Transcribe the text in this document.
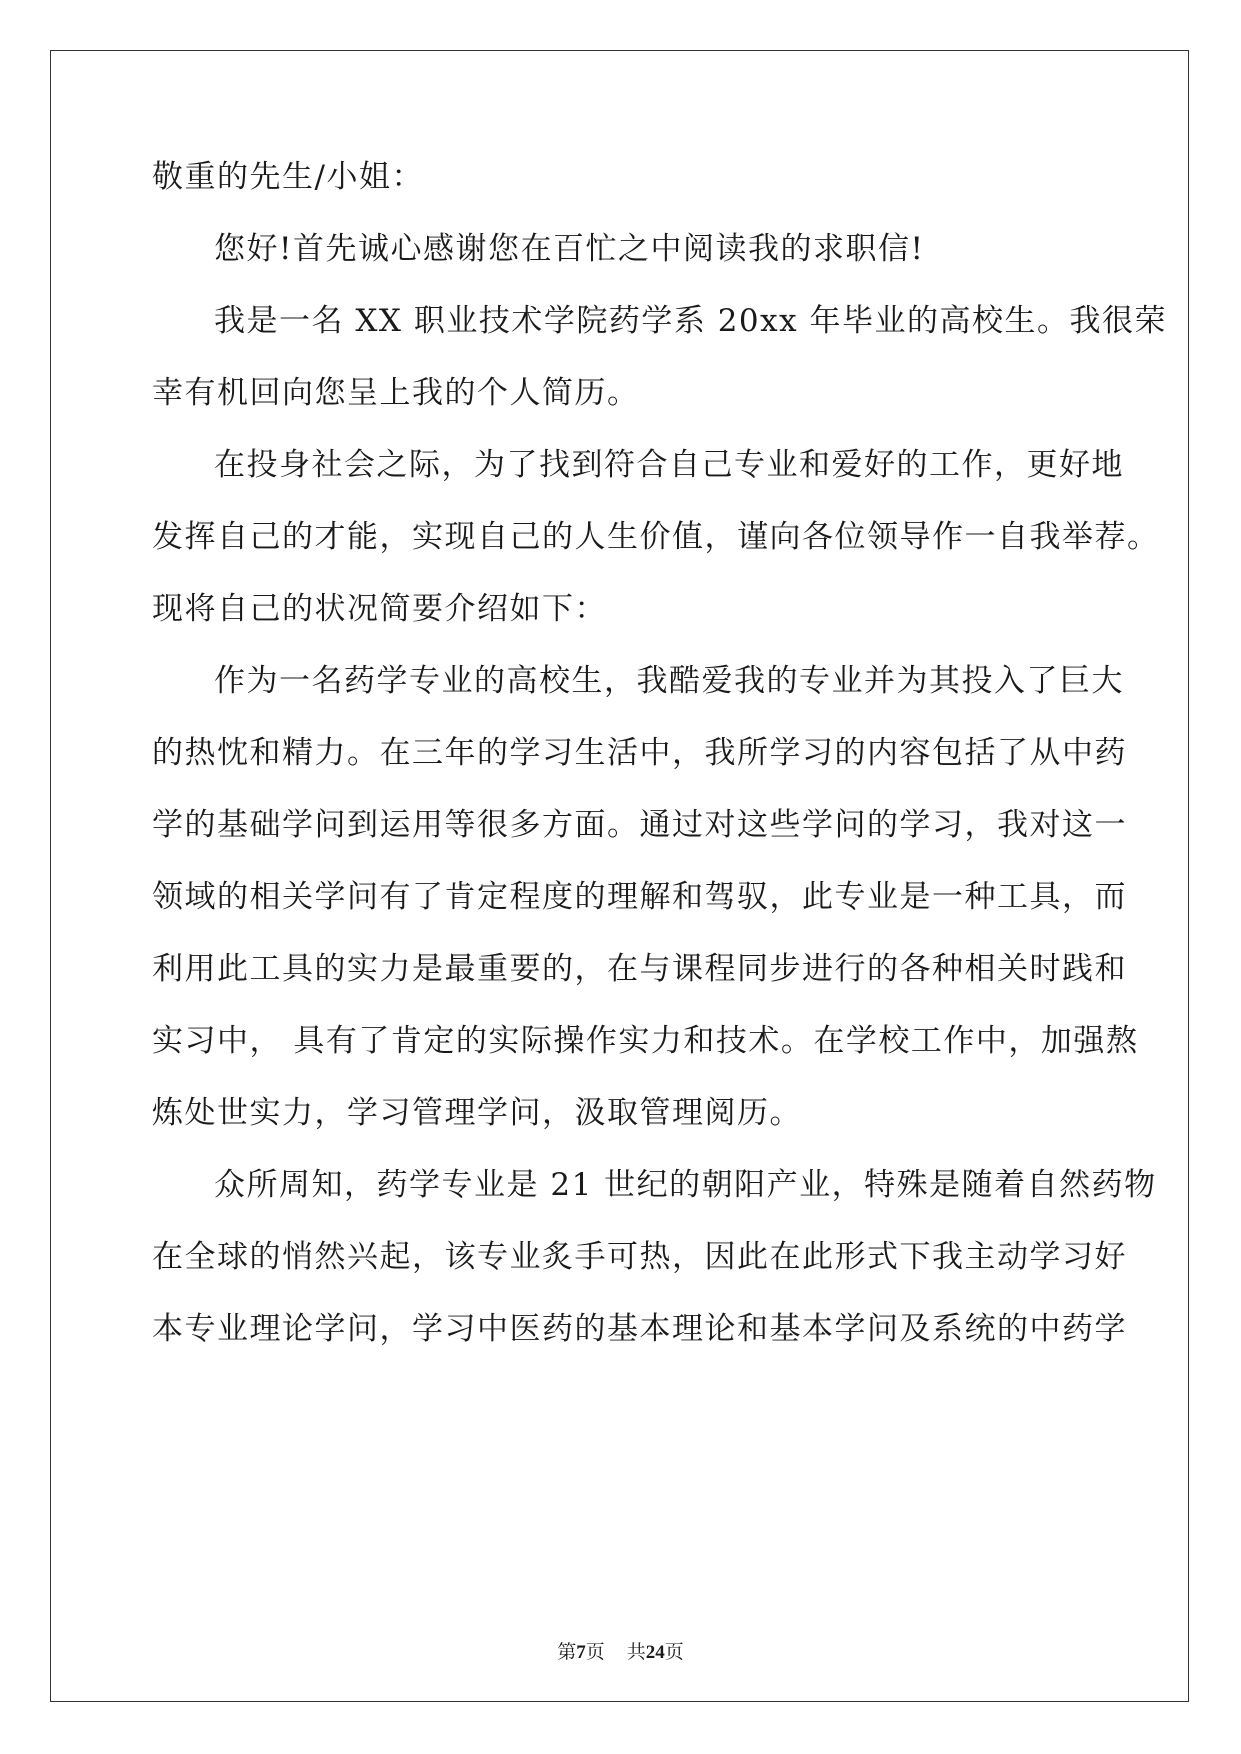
敬重的先生/小姐：
您好!首先诚心感谢您在百忙之中阅读我的求职信!
我是一名 XX 职业技术学院药学系 20xx 年毕业的高校生。我很荣
幸有机回向您呈上我的个人简历。
在投身社会之际，为了找到符合自己专业和爱好的工作，更好地
发挥自己的才能，实现自己的人生价值，谨向各位领导作一自我举荐。
现将自己的状况简要介绍如下：
作为一名药学专业的高校生，我酷爱我的专业并为其投入了巨大
的热忱和精力。在三年的学习生活中，我所学习的内容包括了从中药
学的基础学问到运用等很多方面。通过对这些学问的学习，我对这一
领域的相关学问有了肯定程度的理解和驾驭，此专业是一种工具，而
利用此工具的实力是最重要的，在与课程同步进行的各种相关时践和
实习中， 具有了肯定的实际操作实力和技术。在学校工作中，加强熬
炼处世实力，学习管理学问，汲取管理阅历。
众所周知，药学专业是 21 世纪的朝阳产业，特殊是随着自然药物
在全球的悄然兴起，该专业炙手可热，因此在此形式下我主动学习好
本专业理论学问，学习中医药的基本理论和基本学问及系统的中药学
第7页 共24页
